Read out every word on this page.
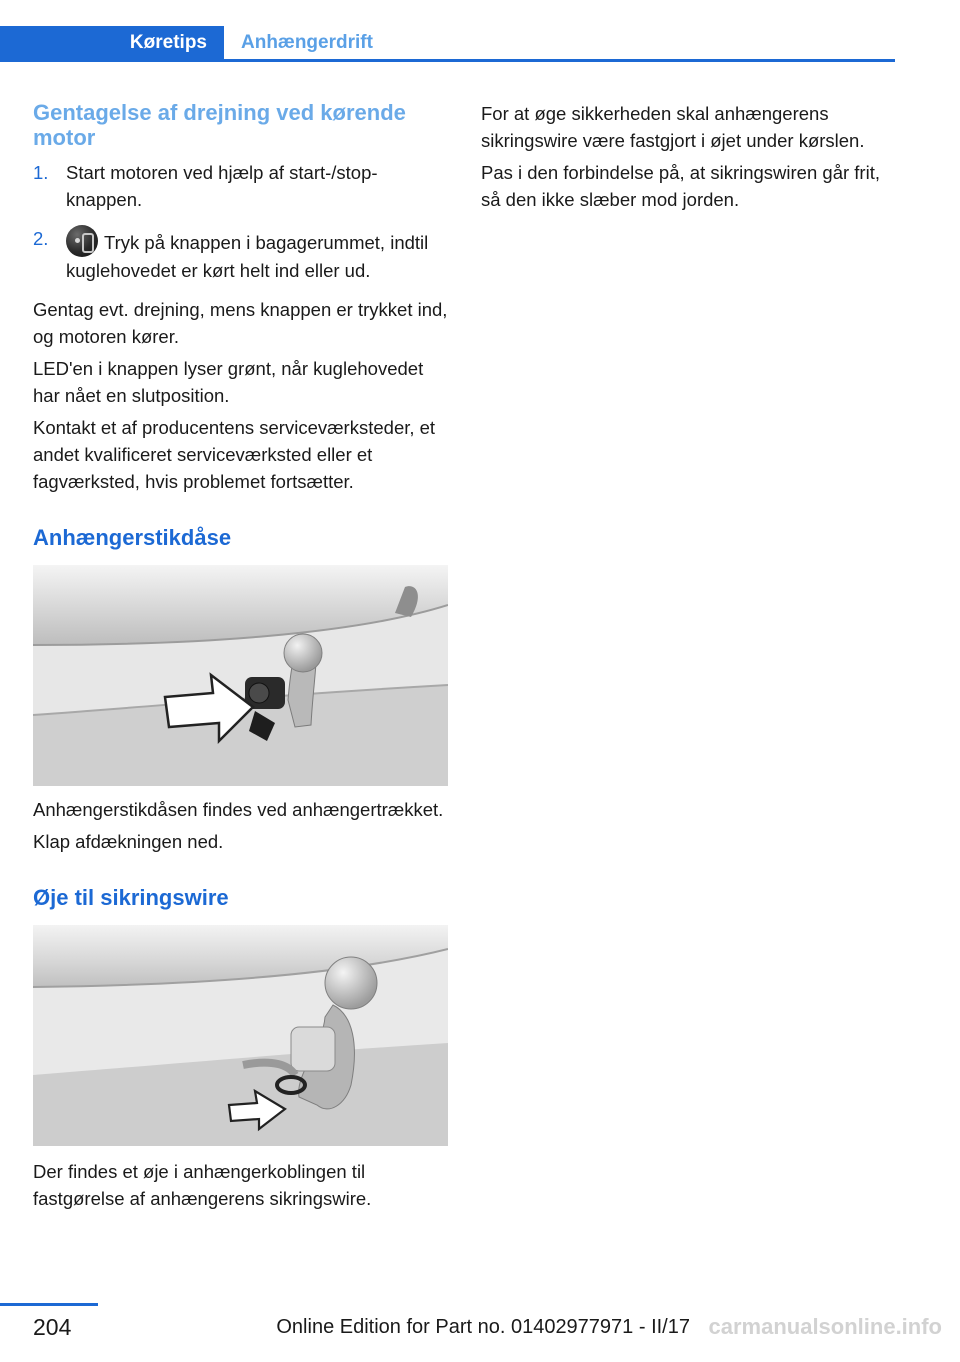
Køretips	Anhængerdrift
Gentagelse af drejning ved kørende motor
1. Start motoren ved hjælp af start-/stop-knappen.
2.	Tryk på knappen i bagagerummet, indtil kuglehovedet er kørt helt ind eller ud.

Gentag evt. drejning, mens knappen er trykket ind, og motoren kører.

LED'en i knappen lyser grønt, når kuglehovedet har nået en slutposition.

Kontakt et af producentens serviceværksteder, et andet kvalificeret serviceværksted eller et fagværksted, hvis problemet fortsætter.

Anhængerstikdåse

Anhængerstikdåsen findes ved anhængertrækket.

Klap afdækningen ned.

Øje til sikringswire

Der findes et øje i anhængerkoblingen til fastgørelse af anhængerens sikringswire.

For at øge sikkerheden skal anhængerens sikringswire være fastgjort i øjet under kørslen.

Pas i den forbindelse på, at sikringswiren går frit, så den ikke slæber mod jorden.

204	Online Edition for Part no. 01402977971 - II/17 carmanualsonline.info
